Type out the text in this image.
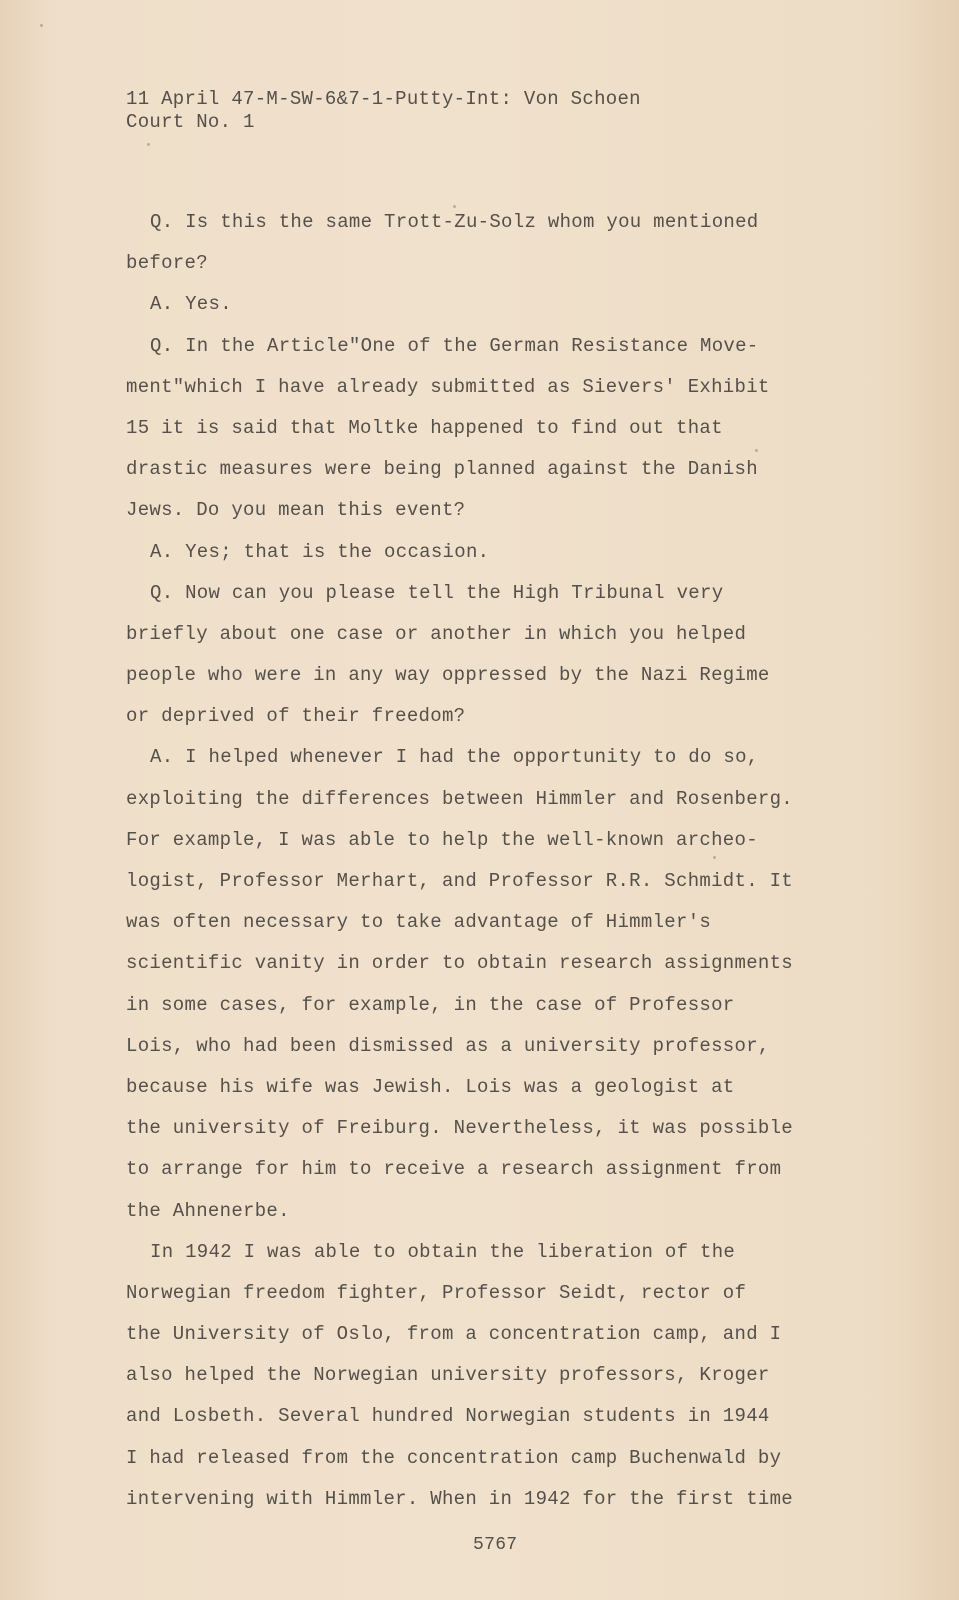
11 April 47-M-SW-6&7-1-Putty-Int: Von Schoen
Court No. 1
Q. Is this the same Trott-Zu-Solz whom you mentioned
before?
A. Yes.
Q. In the Article"One of the German Resistance Move-
ment"which I have already submitted as Sievers' Exhibit
15 it is said that Moltke happened to find out that
drastic measures were being planned against the Danish
Jews. Do you mean this event?
A. Yes; that is the occasion.
Q. Now can you please tell the High Tribunal very
briefly about one case or another in which you helped
people who were in any way oppressed by the Nazi Regime
or deprived of their freedom?
A. I helped whenever I had the opportunity to do so,
exploiting the differences between Himmler and Rosenberg.
For example, I was able to help the well-known archeo-
logist, Professor Merhart, and Professor R.R. Schmidt. It
was often necessary to take advantage of Himmler's
scientific vanity in order to obtain research assignments
in some cases, for example, in the case of Professor
Lois, who had been dismissed as a university professor,
because his wife was Jewish. Lois was a geologist at
the university of Freiburg. Nevertheless, it was possible
to arrange for him to receive a research assignment from
the Ahnenerbe.
In 1942 I was able to obtain the liberation of the
Norwegian freedom fighter, Professor Seidt, rector of
the University of Oslo, from a concentration camp, and I
also helped the Norwegian university professors, Kroger
and Losbeth. Several hundred Norwegian students in 1944
I had released from the concentration camp Buchenwald by
intervening with Himmler. When in 1942 for the first time
5767
